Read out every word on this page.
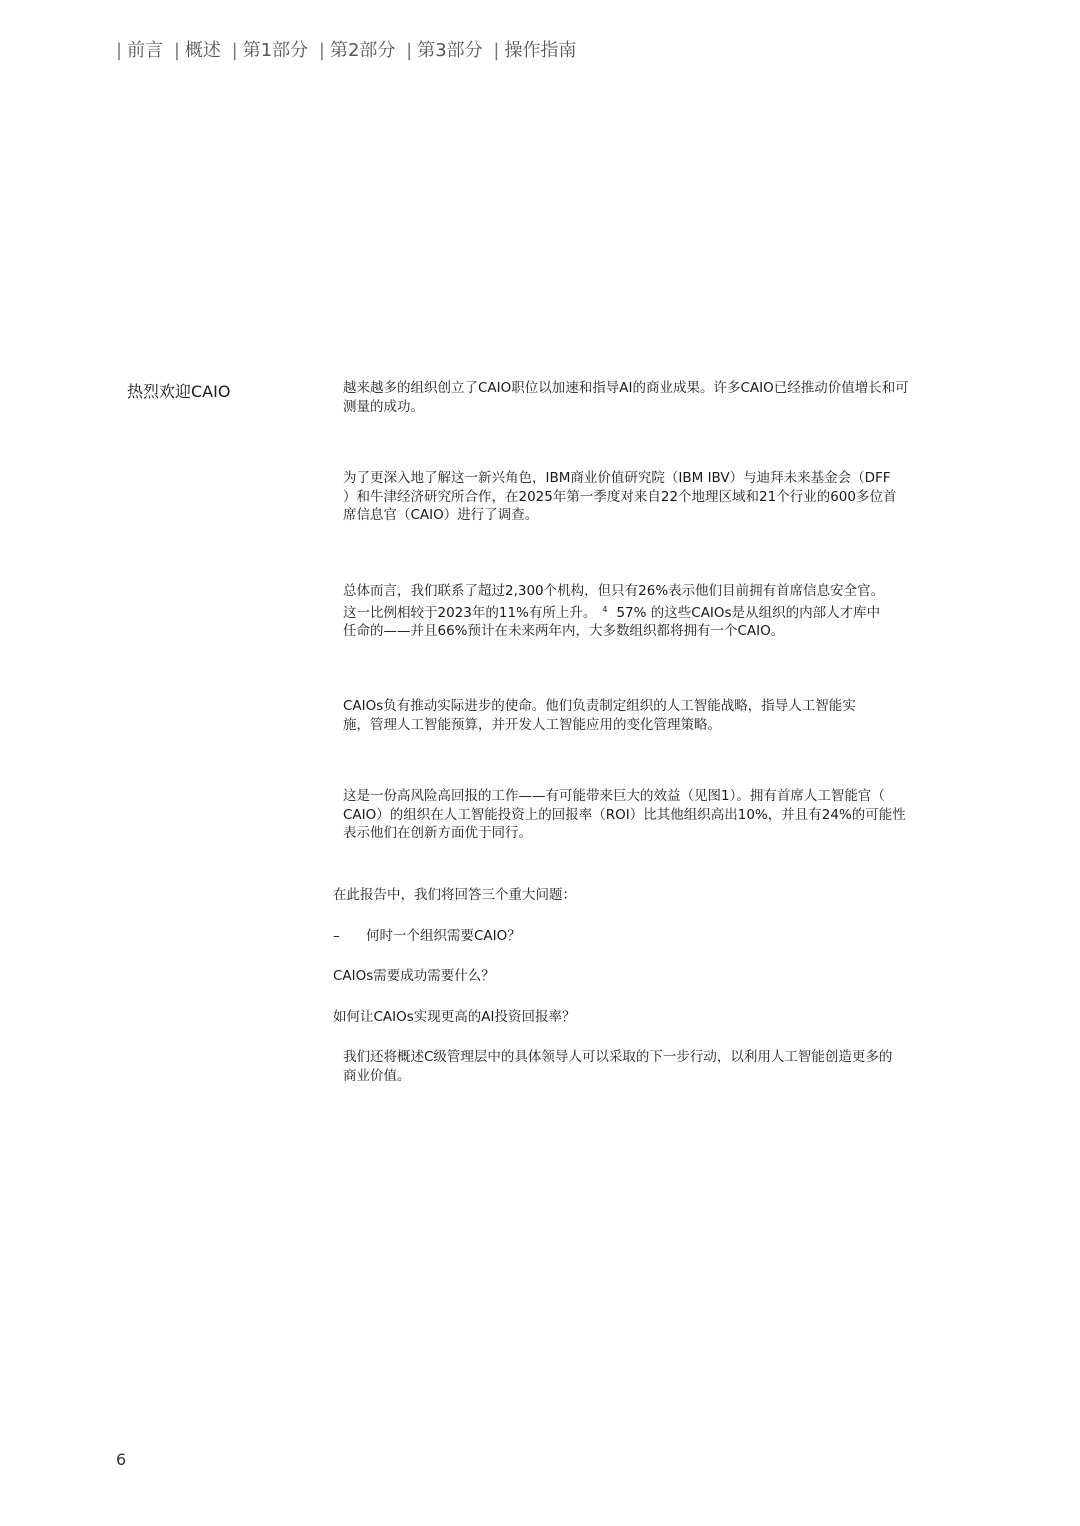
| 前言 | 概述 | 第1部分 | 第2部分 | 第3部分 | 操作指南
热烈欢迎CAIO	越来越多的组织创立了CAIO职位以加速和指导AI的商业成果。许多CAIO已经推动价值增长和可
测量的成功。

为了更深入地了解这一新兴角色，IBM商业价值研究院（IBM IBV）与迪拜未来基金会（DFF
）和牛津经济研究所合作，在2025年第一季度对来自22个地理区域和21个行业的600多位首
席信息官（CAIO）进行了调查。

总体而言，我们联系了超过2,300个机构，但只有26%表示他们目前拥有首席信息安全官。
这一比例相较于2023年的11%有所上升。 $^4$ 57% 的这些CAIOs是从组织的内部人才库中
任命的——并且66%预计在未来两年内，大多数组织都将拥有一个CAIO。

CAIOs负有推动实际进步的使命。他们负责制定组织的人工智能战略，指导人工智能实
施，管理人工智能预算，并开发人工智能应用的变化管理策略。

这是一份高风险高回报的工作——有可能带来巨大的效益（见图1）。拥有首席人工智能官（
CAIO）的组织在人工智能投资上的回报率（ROI）比其他组织高出10%，并且有24%的可能性
表示他们在创新方面优于同行。

在此报告中，我们将回答三个重大问题：

– 何时一个组织需要CAIO？

CAIOs需要成功需要什么？

如何让CAIOs实现更高的AI投资回报率？

我们还将概述C级管理层中的具体领导人可以采取的下一步行动，以利用人工智能创造更多的
商业价值。

6
